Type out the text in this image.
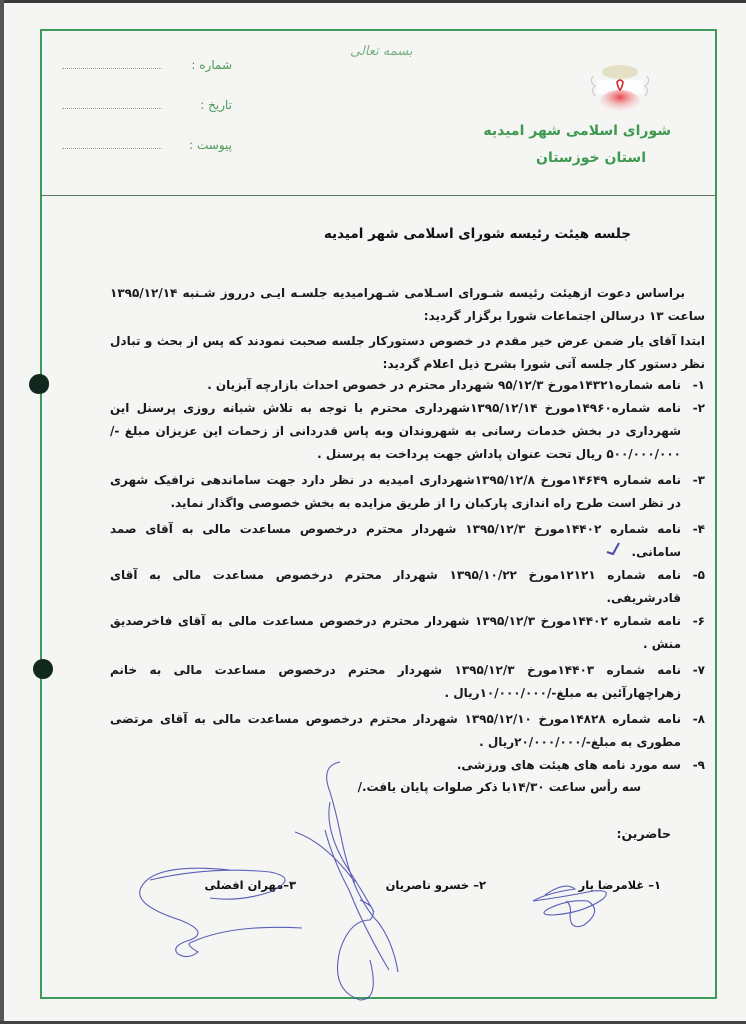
شماره :
تاریخ :
پیوست :
بسمه تعالی
شورای اسلامی شهر امیدیه
استان خوزستان
جلسه هیئت رئیسه شورای اسلامی شهر امیدیه
براساس دعوت ازهیئت رئیسه شـورای اسـلامی شـهرامیدیه جلسـه ایـی درروز شـنبه ۱۳۹۵/۱۲/۱۴ ساعت ۱۳ درسالن اجتماعات شورا برگزار گردید:
ابتدا آقای یار ضمن عرض خیر مقدم در خصوص دستورکار جلسه صحبت نمودند که پس از بحث و تبادل نظر دستور کار جلسه آتی شورا بشرح ذیل اعلام گردید:
۱-
نامه شماره۱۴۳۲۱مورخ ۹۵/۱۲/۳ شهردار محترم در خصوص احداث بازارچه آبزیان .
۲-
نامه شماره۱۴۹۶۰مورخ ۱۳۹۵/۱۲/۱۴شهرداری محترم با توجه به تلاش شبانه روزی پرسنل این شهرداری در بخش خدمات رسانی به شهروندان وبه پاس قدردانی از زحمات این عزیزان مبلغ -/۵۰۰/۰۰۰/۰۰۰ ریال تحت عنوان پاداش جهت پرداخت به پرسنل .
۳-
نامه شماره ۱۴۶۴۹مورخ ۱۳۹۵/۱۲/۸شهرداری امیدیه در نظر دارد جهت ساماندهی ترافیک شهری در نظر است طرح راه اندازی پارکبان را از طریق مزایده به بخش خصوصی واگذار نماید.
۴-
نامه شماره ۱۴۴۰۲مورخ ۱۳۹۵/۱۲/۳ شهردار محترم درخصوص مساعدت مالی به آقای صمد سامانی.
۵-
نامه شماره ۱۲۱۲۱مورخ ۱۳۹۵/۱۰/۲۲ شهردار محترم درخصوص مساعدت مالی به آقای قادرشریفی.
۶-
نامه شماره ۱۴۴۰۲مورخ ۱۳۹۵/۱۲/۳ شهردار محترم درخصوص مساعدت مالی به آقای فاخرصدیق منش .
۷-
نامه شماره ۱۴۴۰۳مورخ ۱۳۹۵/۱۲/۳ شهردار محترم درخصوص مساعدت مالی به خانم زهراچهارآئین به مبلغ-/۱۰/۰۰۰/۰۰۰ریال .
۸-
نامه شماره ۱۴۸۲۸مورخ ۱۳۹۵/۱۲/۱۰ شهردار محترم درخصوص مساعدت مالی به آقای مرتضی مطوری به مبلغ-/۲۰/۰۰۰/۰۰۰ریال .
۹-
سه مورد نامه های هیئت های ورزشی.
سه رأس ساعت ۱۴/۳۰با ذکر صلوات پایان یافت./
حاضرین:
۱– غلامرضا یار
۲– خسرو ناصریان
۳–مهران افضلی
